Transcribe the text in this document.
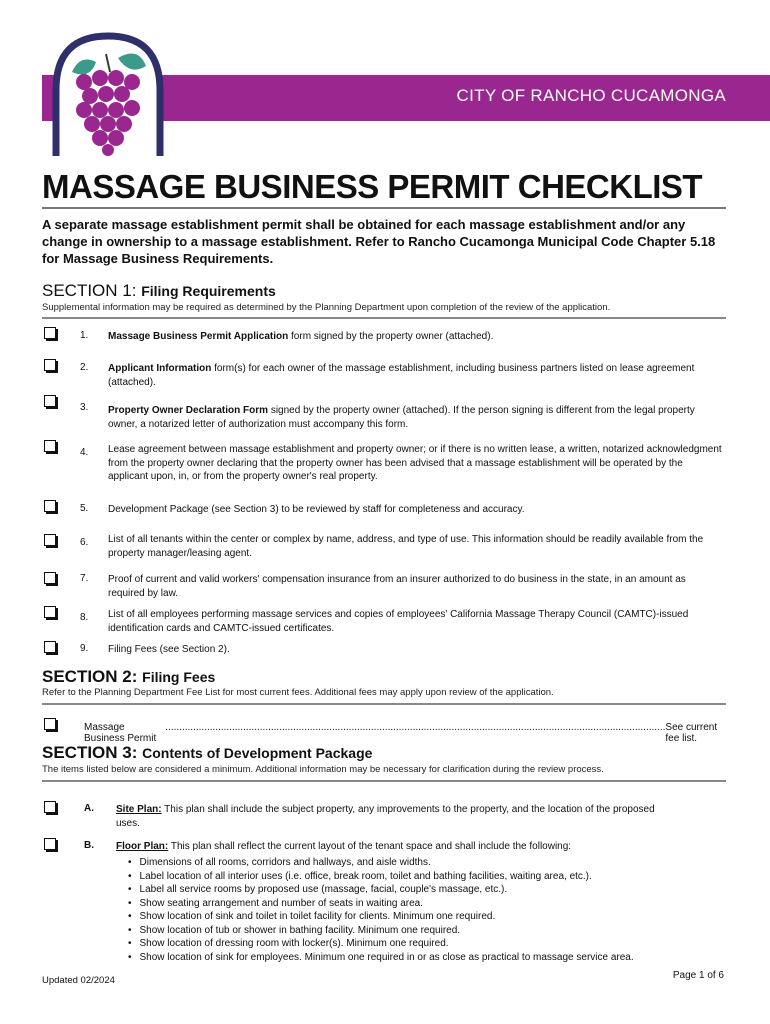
CITY OF RANCHO CUCAMONGA
MASSAGE BUSINESS PERMIT CHECKLIST
A separate massage establishment permit shall be obtained for each massage establishment and/or any change in ownership to a massage establishment. Refer to Rancho Cucamonga Municipal Code Chapter 5.18 for Massage Business Requirements.
SECTION 1: Filing Requirements
Supplemental information may be required as determined by the Planning Department upon completion of the review of the application.
1. Massage Business Permit Application form signed by the property owner (attached).
2. Applicant Information form(s) for each owner of the massage establishment, including business partners listed on lease agreement (attached).
3. Property Owner Declaration Form signed by the property owner (attached). If the person signing is different from the legal property owner, a notarized letter of authorization must accompany this form.
4. Lease agreement between massage establishment and property owner; or if there is no written lease, a written, notarized acknowledgment from the property owner declaring that the property owner has been advised that a massage establishment will be operated by the applicant upon, in, or from the property owner's real property.
5. Development Package (see Section 3) to be reviewed by staff for completeness and accuracy.
6. List of all tenants within the center or complex by name, address, and type of use. This information should be readily available from the property manager/leasing agent.
7. Proof of current and valid workers' compensation insurance from an insurer authorized to do business in the state, in an amount as required by law.
8. List of all employees performing massage services and copies of employees' California Massage Therapy Council (CAMTC)-issued identification cards and CAMTC-issued certificates.
9. Filing Fees (see Section 2).
SECTION 2: Filing Fees
Refer to the Planning Department Fee List for most current fees. Additional fees may apply upon review of the application.
Massage Business Permit
.................................................................................................................................................................................... See current fee list.
SECTION 3: Contents of Development Package
The items listed below are considered a minimum. Additional information may be necessary for clarification during the review process.
A. Site Plan: This plan shall include the subject property, any improvements to the property, and the location of the proposed uses.
B. Floor Plan: This plan shall reflect the current layout of the tenant space and shall include the following:
• Dimensions of all rooms, corridors and hallways, and aisle widths.
• Label location of all interior uses (i.e. office, break room, toilet and bathing facilities, waiting area, etc.).
• Label all service rooms by proposed use (massage, facial, couple's massage, etc.).
• Show seating arrangement and number of seats in waiting area.
• Show location of sink and toilet in toilet facility for clients. Minimum one required.
• Show location of tub or shower in bathing facility. Minimum one required.
• Show location of dressing room with locker(s). Minimum one required.
• Show location of sink for employees. Minimum one required in or as close as practical to massage service area.
Updated 02/2024	Page 1 of 6
